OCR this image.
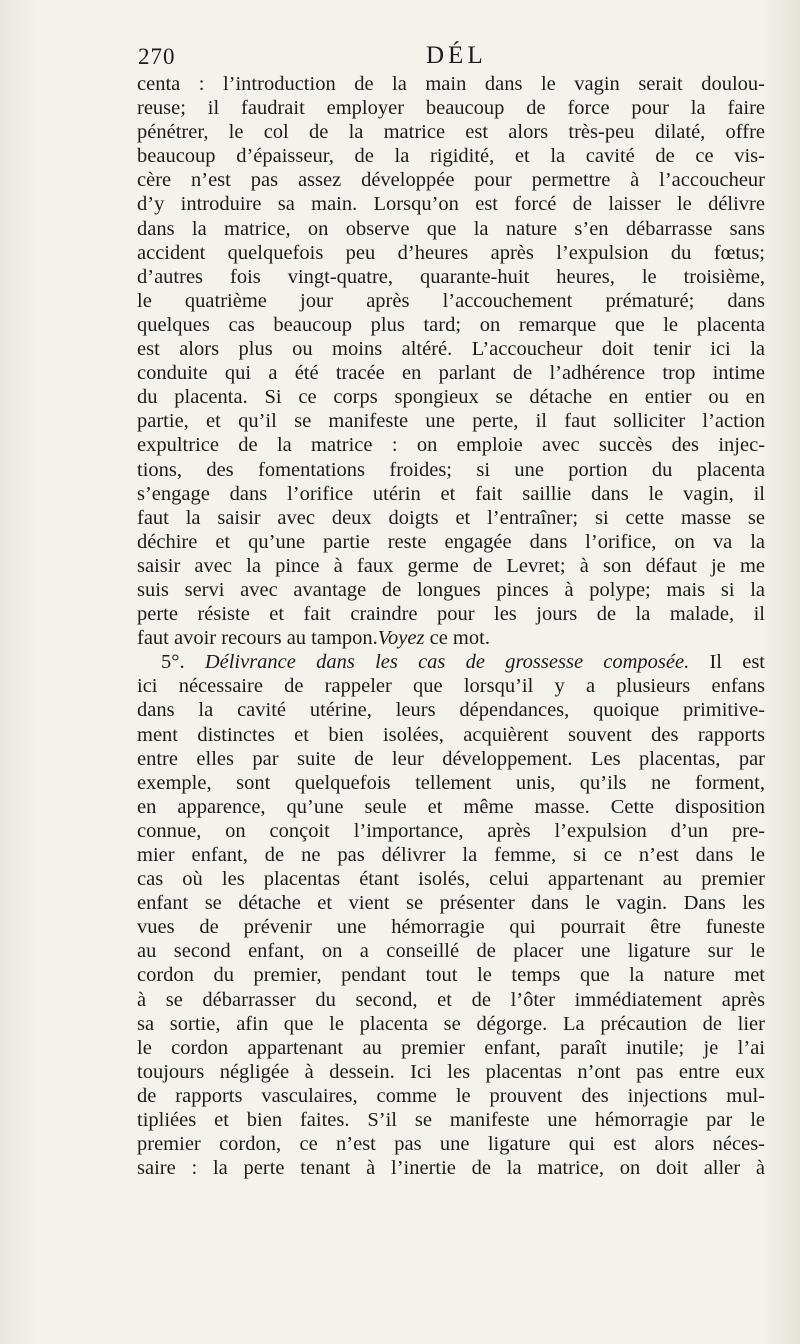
270	DÉL
centa : l’introduction de la main dans le vagin serait doulou-
reuse; il faudrait employer beaucoup de force pour la faire
pénétrer, le col de la matrice est alors très-peu dilaté, offre
beaucoup d’épaisseur, de la rigidité, et la cavité de ce vis-
cère n’est pas assez développée pour permettre à l’accoucheur
d’y introduire sa main. Lorsqu’on est forcé de laisser le délivre
dans la matrice, on observe que la nature s’en débarrasse sans
accident quelquefois peu d’heures après l’expulsion du fœtus;
d’autres fois vingt-quatre, quarante-huit heures, le troisième,
le quatrième jour après l’accouchement prématuré; dans
quelques cas beaucoup plus tard; on remarque que le placenta
est alors plus ou moins altéré. L’accoucheur doit tenir ici la
conduite qui a été tracée en parlant de l’adhérence trop intime
du placenta. Si ce corps spongieux se détache en entier ou en
partie, et qu’il se manifeste une perte, il faut solliciter l’action
expultrice de la matrice : on emploie avec succès des injec-
tions, des fomentations froides; si une portion du placenta
s’engage dans l’orifice utérin et fait saillie dans le vagin, il
faut la saisir avec deux doigts et l’entraîner; si cette masse se
déchire et qu’une partie reste engagée dans l’orifice, on va la
saisir avec la pince à faux germe de Levret; à son défaut je me
suis servi avec avantage de longues pinces à polype; mais si la
perte résiste et fait craindre pour les jours de la malade, il
faut avoir recours au tampon.Voyez ce mot.
5°. Délivrance dans les cas de grossesse composée. Il est
ici nécessaire de rappeler que lorsqu’il y a plusieurs enfans
dans la cavité utérine, leurs dépendances, quoique primitive-
ment distinctes et bien isolées, acquièrent souvent des rapports
entre elles par suite de leur développement. Les placentas, par
exemple, sont quelquefois tellement unis, qu’ils ne forment,
en apparence, qu’une seule et même masse. Cette disposition
connue, on conçoit l’importance, après l’expulsion d’un pre-
mier enfant, de ne pas délivrer la femme, si ce n’est dans le
cas où les placentas étant isolés, celui appartenant au premier
enfant se détache et vient se présenter dans le vagin. Dans les
vues de prévenir une hémorragie qui pourrait être funeste
au second enfant, on a conseillé de placer une ligature sur le
cordon du premier, pendant tout le temps que la nature met
à se débarrasser du second, et de l’ôter immédiatement après
sa sortie, afin que le placenta se dégorge. La précaution de lier
le cordon appartenant au premier enfant, paraît inutile; je l’ai
toujours négligée à dessein. Ici les placentas n’ont pas entre eux
de rapports vasculaires, comme le prouvent des injections mul-
tipliées et bien faites. S’il se manifeste une hémorragie par le
premier cordon, ce n’est pas une ligature qui est alors néces-
saire : la perte tenant à l’inertie de la matrice, on doit aller à
